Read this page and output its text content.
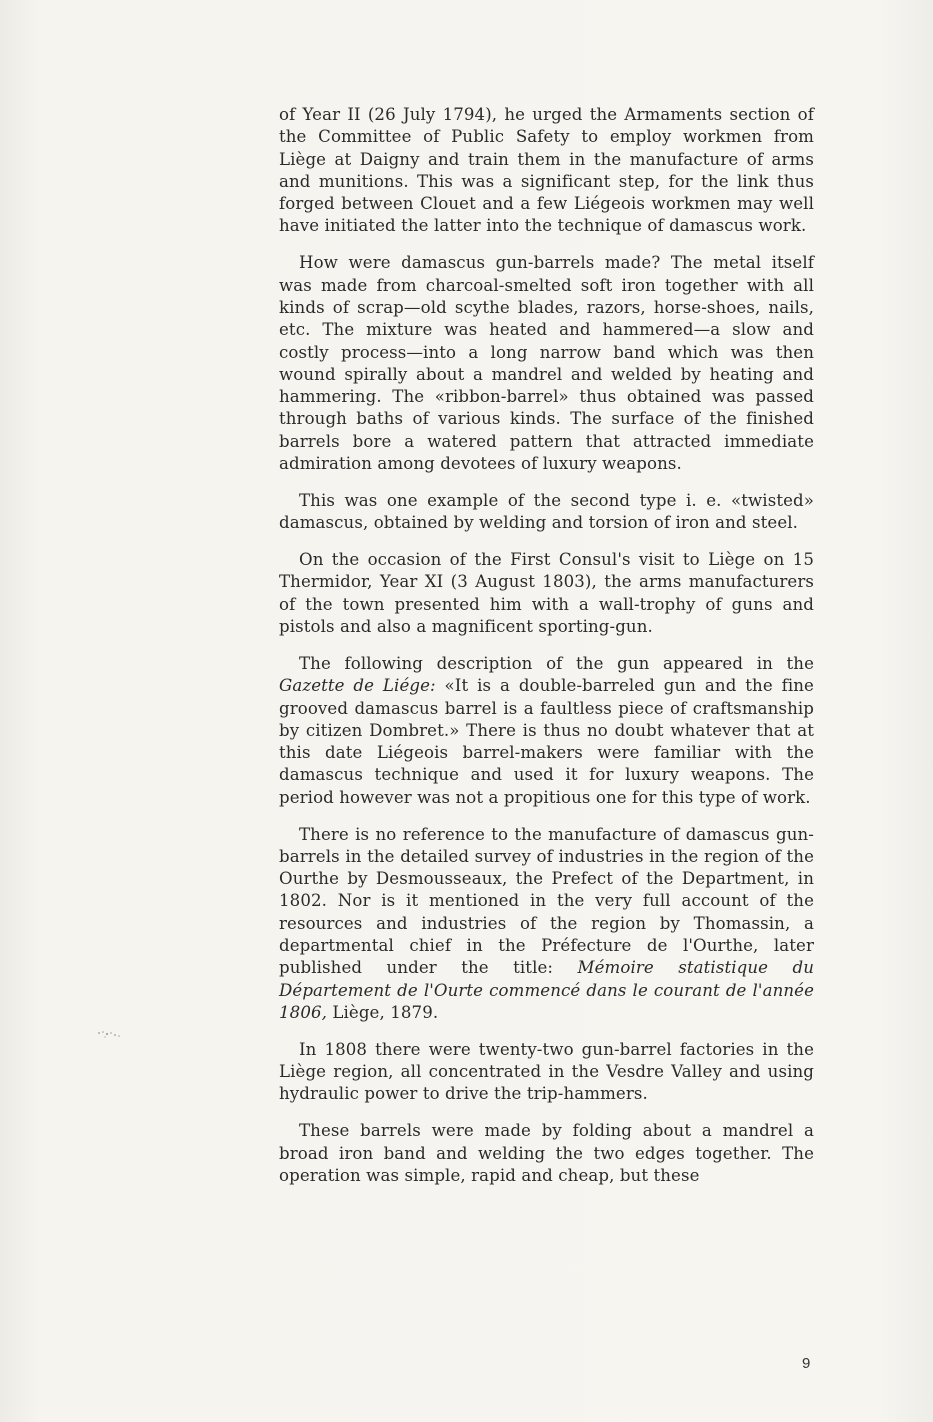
of Year II (26 July 1794), he urged the Armaments section of the Committee of Public Safety to employ workmen from Liège at Daigny and train them in the manufacture of arms and munitions. This was a significant step, for the link thus forged between Clouet and a few Liégeois workmen may well have initiated the latter into the technique of damascus work.

How were damascus gun-barrels made? The metal itself was made from charcoal-smelted soft iron together with all kinds of scrap—old scythe blades, razors, horse-shoes, nails, etc. The mixture was heated and hammered—a slow and costly process—into a long narrow band which was then wound spirally about a mandrel and welded by heating and hammering. The «ribbon-barrel» thus obtained was passed through baths of various kinds. The surface of the finished barrels bore a watered pattern that attracted immediate admiration among devotees of luxury weapons.

This was one example of the second type i. e. «twisted» damascus, obtained by welding and torsion of iron and steel.

On the occasion of the First Consul's visit to Liège on 15 Thermidor, Year XI (3 August 1803), the arms manufacturers of the town presented him with a wall-trophy of guns and pistols and also a magnificent sporting-gun.

The following description of the gun appeared in the Gazette de Liége: «It is a double-barreled gun and the fine grooved damascus barrel is a faultless piece of craftsmanship by citizen Dombret.» There is thus no doubt whatever that at this date Liégeois barrel-makers were familiar with the damascus technique and used it for luxury weapons. The period however was not a propitious one for this type of work.

There is no reference to the manufacture of damascus gun-barrels in the detailed survey of industries in the region of the Ourthe by Desmousseaux, the Prefect of the Department, in 1802. Nor is it mentioned in the very full account of the resources and industries of the region by Thomassin, a departmental chief in the Préfecture de l'Ourthe, later published under the title: Mémoire statistique du Département de l'Ourte commencé dans le courant de l'année 1806, Liège, 1879.

In 1808 there were twenty-two gun-barrel factories in the Liège region, all concentrated in the Vesdre Valley and using hydraulic power to drive the trip-hammers.

These barrels were made by folding about a mandrel a broad iron band and welding the two edges together. The operation was simple, rapid and cheap, but these

9
